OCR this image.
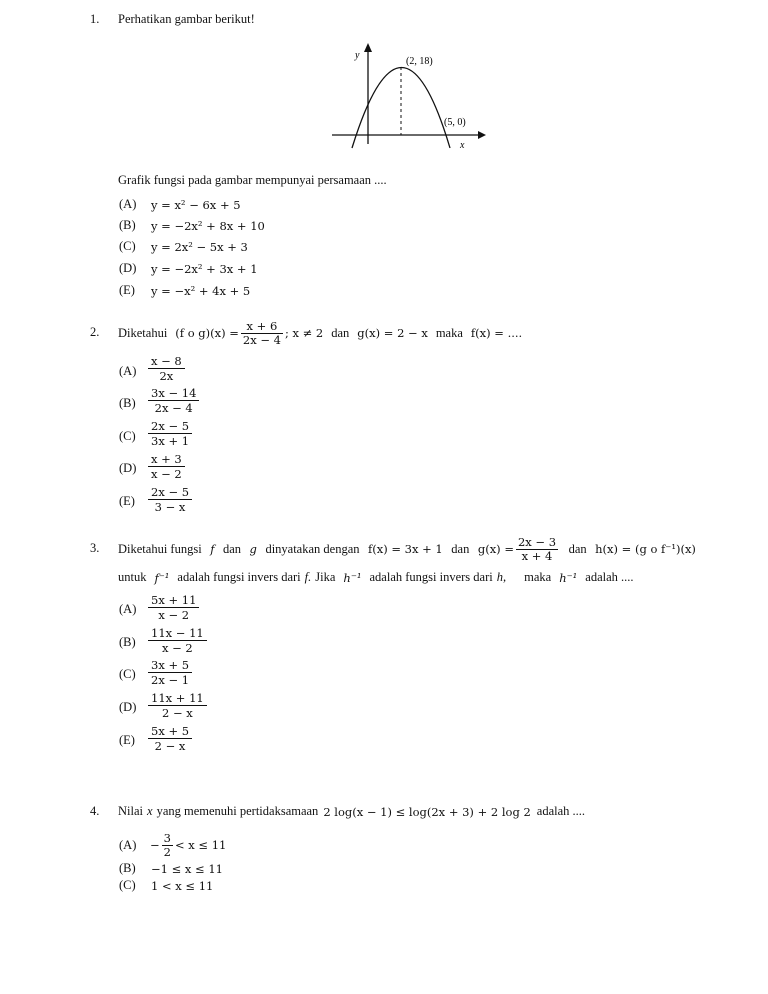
1. Perhatikan gambar berikut!
y
x
(2, 18)
(5, 0)
Grafik fungsi pada gambar mempunyai persamaan ....
(A) y = x² − 6x + 5
(B) y = −2x² + 8x + 10
(C) y = 2x² − 5x + 3
(D) y = −2x² + 3x + 1
(E) y = −x² + 4x + 5
2. Diketahui (f o $g)(x) = \frac{x + 6}{2x - 4}$ ; x ≠ 2 dan g(x) = 2 − x maka f(x) = ....
$(A) \frac{x - 8}{2x}$
$(B) \frac{3x - 14}{2x - 4}$
$(C) \frac{2x - 5}{3x + 1}$
$(D) \frac{x + 3}{x - 2}$
$(E) \frac{2x - 5}{3 - x}$
3. Diketahui fungsi f dan g dinyatakan dengan f(x) = 3x + 1 dan $g(x) = \frac{2x - 3}{x + 4}$ dan h(x) = (g o f⁻¹)(x)
untuk f⁻¹ adalah fungsi invers dari f. Jika h⁻¹ adalah fungsi invers dari h, maka h⁻¹ adalah ....
$(A) \frac{5x + 11}{x - 2}$
$(B) \frac{11x - 11}{x - 2}$
$(C) \frac{3x + 5}{2x - 1}$
$(D) \frac{11x + 11}{2 - x}$
$(E) \frac{5x + 5}{2 - x}$
4. Nilai x yang memenuhi pertidaksamaan 2 log(x − 1) ≤ log(2x + 3) + 2 log 2 adalah ....
$(A) - \frac{3}{2} < x \le 11$
(B) −1 ≤ x ≤ 11
(C) 1 < x ≤ 11
